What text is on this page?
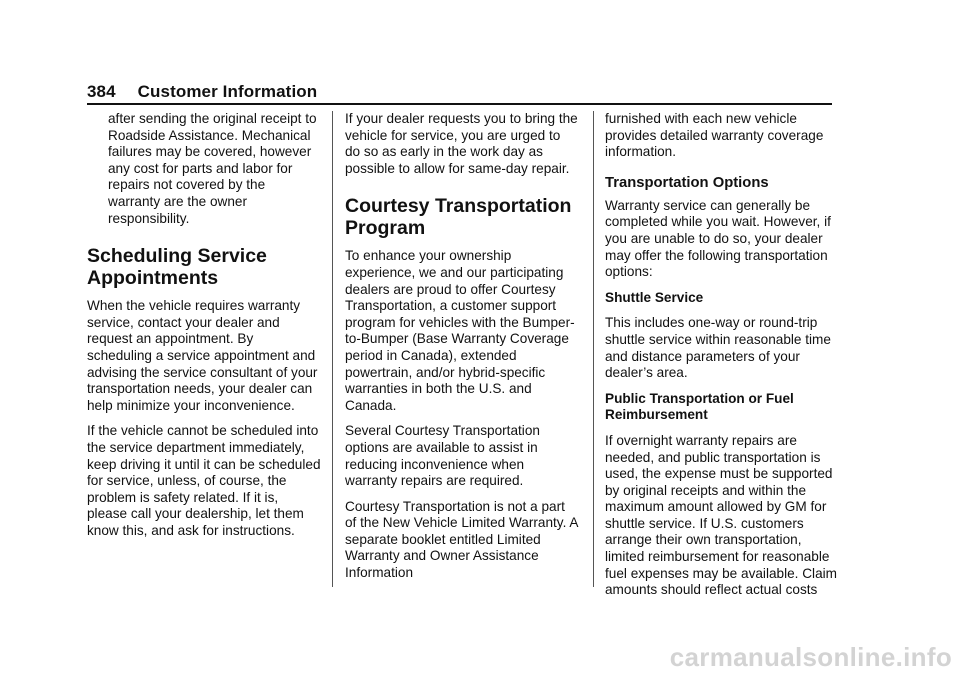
384 Customer Information

after sending the original receipt to Roadside Assistance. Mechanical failures may be covered, however any cost for parts and labor for repairs not covered by the warranty are the owner responsibility.

Scheduling Service Appointments

When the vehicle requires warranty service, contact your dealer and request an appointment. By scheduling a service appointment and advising the service consultant of your transportation needs, your dealer can help minimize your inconvenience.

If the vehicle cannot be scheduled into the service department immediately, keep driving it until it can be scheduled for service, unless, of course, the problem is safety related. If it is, please call your dealership, let them know this, and ask for instructions.

If your dealer requests you to bring the vehicle for service, you are urged to do so as early in the work day as possible to allow for same-day repair.

Courtesy Transportation Program

To enhance your ownership experience, we and our participating dealers are proud to offer Courtesy Transportation, a customer support program for vehicles with the Bumper-to-Bumper (Base Warranty Coverage period in Canada), extended powertrain, and/or hybrid-specific warranties in both the U.S. and Canada.

Several Courtesy Transportation options are available to assist in reducing inconvenience when warranty repairs are required.

Courtesy Transportation is not a part of the New Vehicle Limited Warranty. A separate booklet entitled Limited Warranty and Owner Assistance Information

furnished with each new vehicle provides detailed warranty coverage information.

Transportation Options

Warranty service can generally be completed while you wait. However, if you are unable to do so, your dealer may offer the following transportation options:

Shuttle Service

This includes one-way or round-trip shuttle service within reasonable time and distance parameters of your dealer’s area.

Public Transportation or Fuel Reimbursement

If overnight warranty repairs are needed, and public transportation is used, the expense must be supported by original receipts and within the maximum amount allowed by GM for shuttle service. If U.S. customers arrange their own transportation, limited reimbursement for reasonable fuel expenses may be available. Claim amounts should reflect actual costs

carmanualsonline.info
